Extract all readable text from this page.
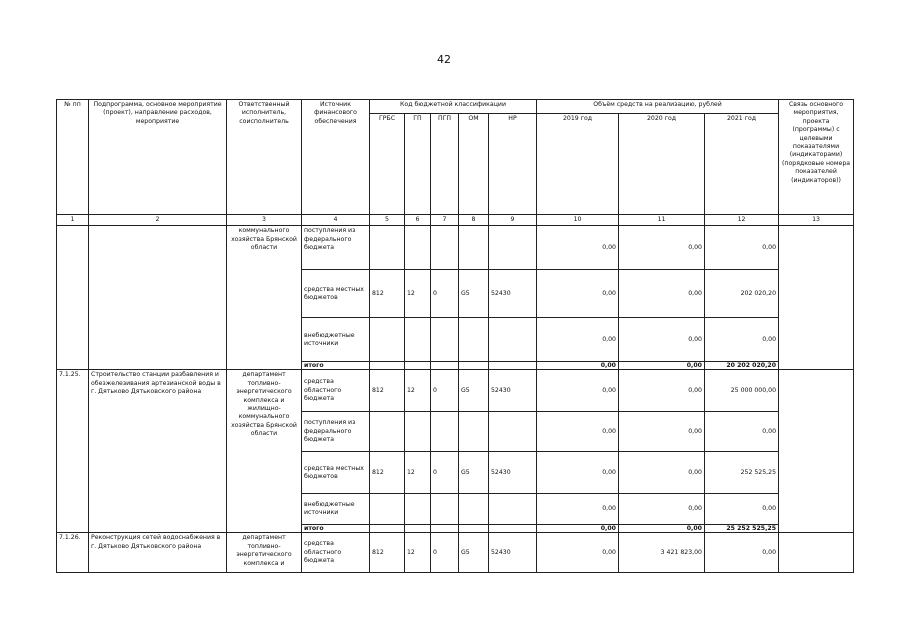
42
№ пп	Подпрограмма, основное мероприятие (проект), направление расходов, мероприятие	Ответственный исполнитель, соисполнитель	Источник финансового обеспечения	Код бюджетной классификации					Объём средств на реализацию, рублей			Связь основного мероприятия, проекта (программы) с целевыми показателями (индикаторами) (порядковые номера показателей (индикаторов))
				ГРБС	ГП	ПГП	ОМ	НР	2019 год	2020 год	2021 год	
1	2	3	4	5	6	7	8	9	10	11	12	13
		коммунального хозяйства Брянской области	поступления из федерального бюджета						0,00	0,00	0,00	
			средства местных бюджетов	812	12	0	G5	52430	0,00	0,00	202 020,20	
			внебюджетные источники						0,00	0,00	0,00	
			итого						0,00	0,00	20 202 020,20	
7.1.25.	Строительство станции разбавления и обезжелезивания артезианской воды в г. Дятьково Дятьковского района	департамент топливно-энергетического комплекса и жилищно-коммунального хозяйства Брянской области	средства областного бюджета	812	12	0	G5	52430	0,00	0,00	25 000 000,00	
			поступления из федерального бюджета						0,00	0,00	0,00	
			средства местных бюджетов	812	12	0	G5	52430	0,00	0,00	252 525,25	
			внебюджетные источники						0,00	0,00	0,00	
			итого						0,00	0,00	25 252 525,25	
7.1.26.	Реконструкция сетей водоснабжения в г. Дятьково Дятьковского района	департамент топливно-энергетического комплекса и	средства областного бюджета	812	12	0	G5	52430	0,00	3 421 823,00	0,00	
